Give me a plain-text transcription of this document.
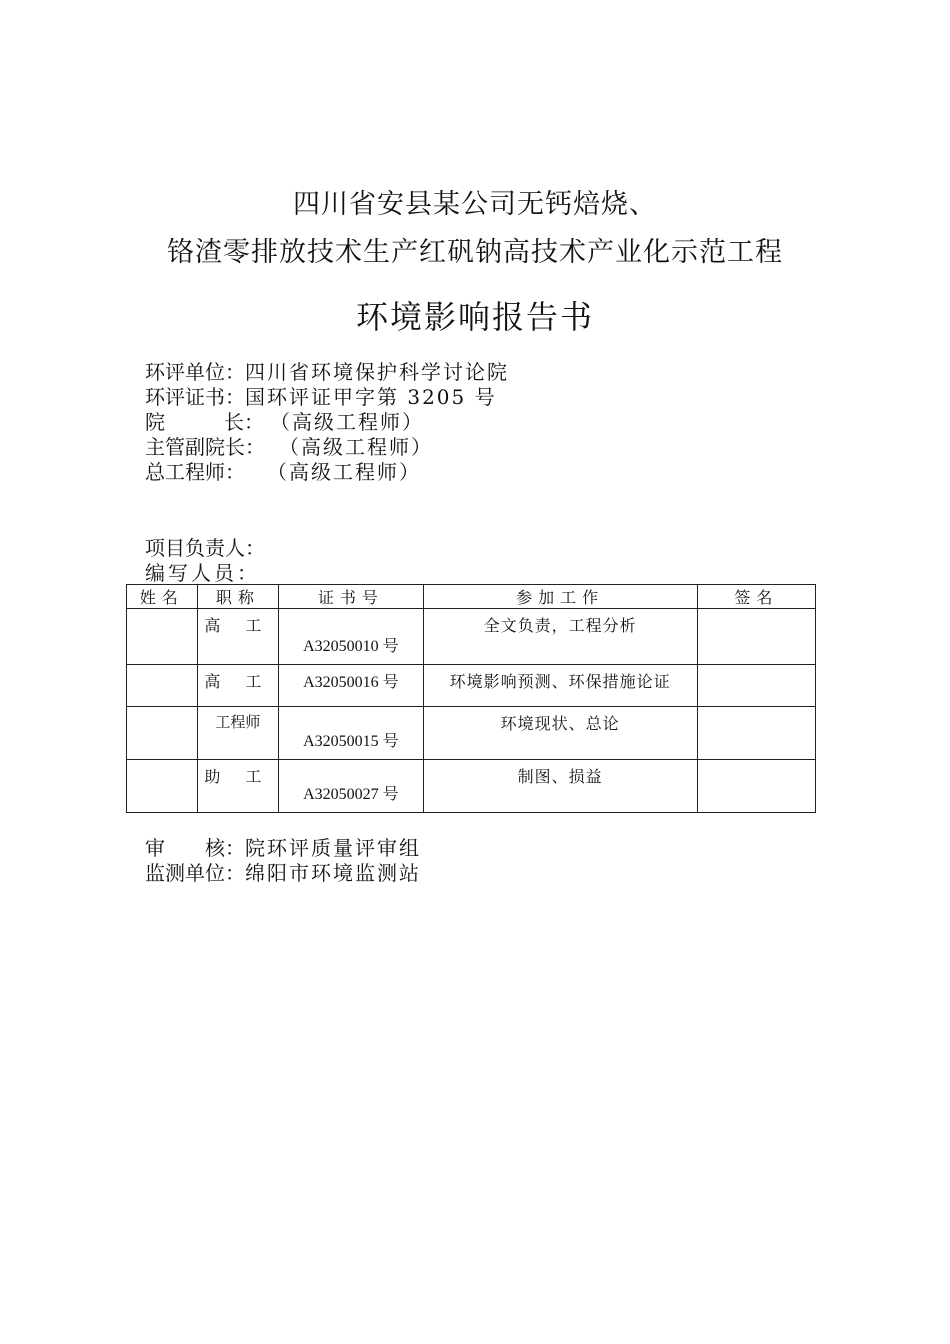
四川省安县某公司无钙焙烧、
铬渣零排放技术生产红矾钠高技术产业化示范工程
环境影响报告书
环评单位：四川省环境保护科学讨论院
环评证书：国环评证甲字第 3205 号
院	长： （高级工程师）
主管副院长： （高级工程师）
总工程师： （高级工程师）
项目负责人：
编写人员：
姓名	职称	证书号	参加工作	签名
	高 工	A32050010 号	全文负责，工程分析	
	高 工	A32050016 号	环境影响预测、环保措施论证	
	工程师	A32050015 号	环境现状、总论	
	助 工	A32050027 号	制图、损益	
审 核：院环评质量评审组
监测单位：绵阳市环境监测站
